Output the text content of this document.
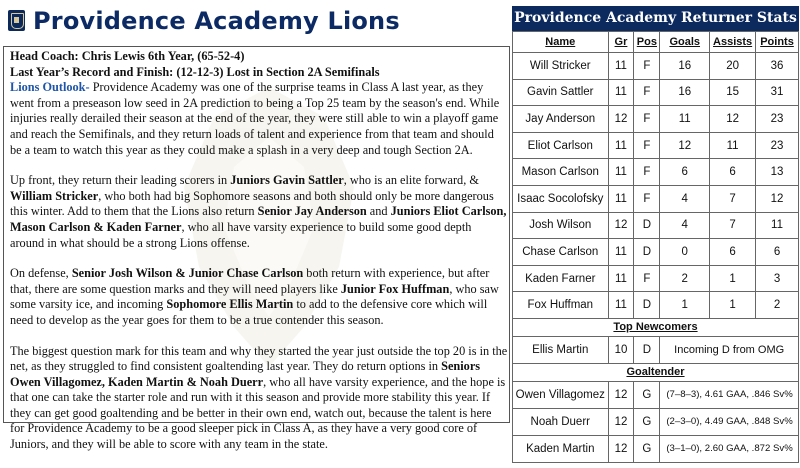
Providence Academy Lions
Head Coach: Chris Lewis 6th Year, (65-52-4)
Last Year’s Record and Finish: (12-12-3) Lost in Section 2A Semifinals

Lions Outlook- Providence Academy was one of the surprise teams in Class A last year, as they went from a preseason low seed in 2A prediction to being a Top 25 team by the season's end. While injuries really derailed their season at the end of the year, they were still able to win a playoff game and reach the Semifinals, and they return loads of talent and experience from that team and should be a team to watch this year as they could make a splash in a very deep and tough Section 2A.

Up front, they return their leading scorers in Juniors Gavin Sattler, who is an elite forward, & William Stricker, who both had big Sophomore seasons and both should only be more dangerous this winter. Add to them that the Lions also return Senior Jay Anderson and Juniors Eliot Carlson, Mason Carlson & Kaden Farner, who all have varsity experience to build some good depth around in what should be a strong Lions offense.

On defense, Senior Josh Wilson & Junior Chase Carlson both return with experience, but after that, there are some question marks and they will need players like Junior Fox Huffman, who saw some varsity ice, and incoming Sophomore Ellis Martin to add to the defensive core which will need to develop as the year goes for them to be a true contender this season.

The biggest question mark for this team and why they started the year just outside the top 20 is in the net, as they struggled to find consistent goaltending last year. They do return options in Seniors Owen Villagomez, Kaden Martin & Noah Duerr, who all have varsity experience, and the hope is that one can take the starter role and run with it this season and provide more stability this year. If they can get good goaltending and be better in their own end, watch out, because the talent is here for Providence Academy to be a good sleeper pick in Class A, as they have a very good core of Juniors, and they will be able to score with any team in the state.

Providence Academy Returner Stats
Name	Gr	Pos	Goals	Assists	Points
Will Stricker	11	F	16	20	36
Gavin Sattler	11	F	16	15	31
Jay Anderson	12	F	11	12	23
Eliot Carlson	11	F	12	11	23
Mason Carlson	11	F	6	6	13
Isaac Socolofsky	11	F	4	7	12
Josh Wilson	12	D	4	7	11
Chase Carlson	11	D	0	6	6
Kaden Farner	11	F	2	1	3
Fox Huffman	11	D	1	1	2
Top Newcomers					
Ellis Martin	10	D	Incoming D from OMG		
Goaltender					
Owen Villagomez	12	G	(7–8–3), 4.61 GAA, .846 Sv%		
Noah Duerr	12	G	(2–3–0), 4.49 GAA, .848 Sv%		
Kaden Martin	12	G	(3–1–0), 2.60 GAA, .872 Sv%		
